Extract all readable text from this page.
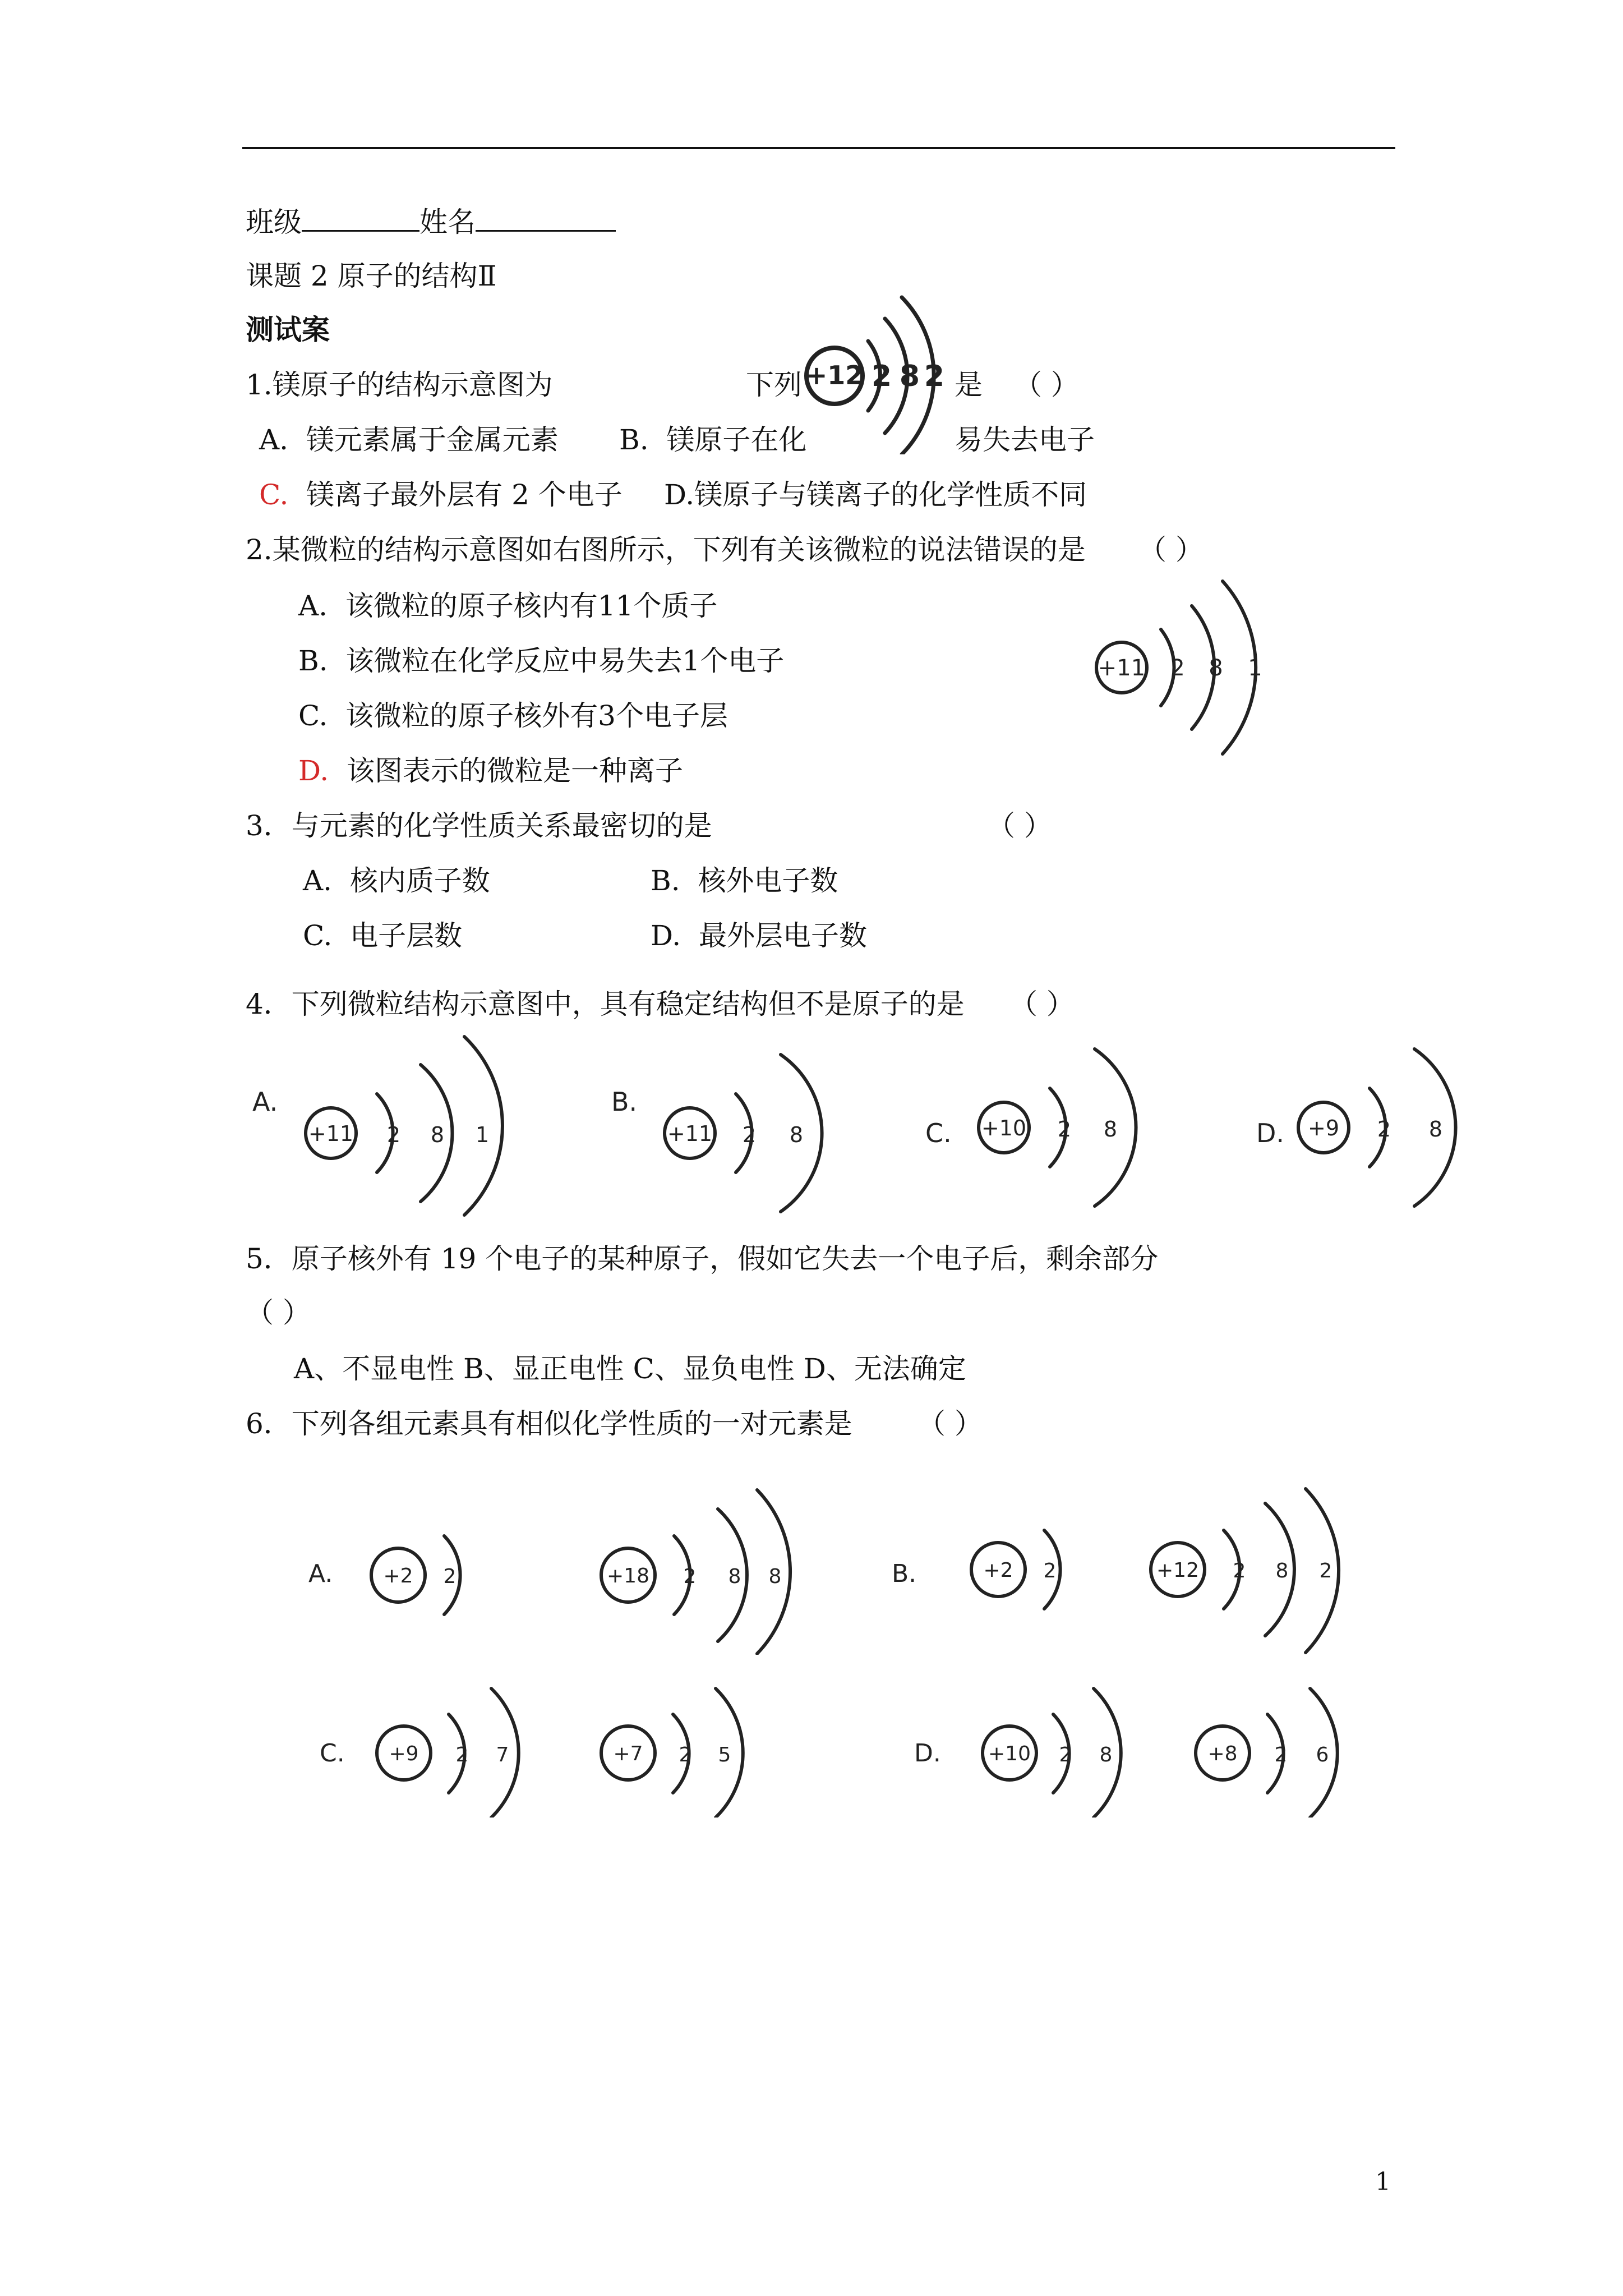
班级	姓名
课题 2 原子的结构Ⅱ
测试案
1.镁原子的结构示意图为	下列	是 （ ）
A. 镁元素属于金属元素 B. 镁原子在化	易失去电子
C. 镁离子最外层有 2 个电子 D.镁原子与镁离子的化学性质不同
+12 2 8 2
2.某微粒的结构示意图如右图所示，下列有关该微粒的说法错误的是 （ ）
A. 该微粒的原子核内有11个质子
B. 该微粒在化学反应中易失去1个电子
C. 该微粒的原子核外有3个电子层
D. 该图表示的微粒是一种离子
+11 2 8 1
3．与元素的化学性质关系最密切的是	（ ）
A. 核内质子数	B. 核外电子数
C. 电子层数	D. 最外层电子数
4．下列微粒结构示意图中，具有稳定结构但不是原子的是 （ ）
A.
+11 2 8 1
B.
+11 2 8	C. +10 2 8	D. +9 2 8
5．原子核外有 19 个电子的某种原子，假如它失去一个电子后，剩余部分
（ ）
A、不显电性 B、显正电性 C、显负电性 D、无法确定
6．下列各组元素具有相似化学性质的一对元素是 （ ）
A.	+2 2	+18 2 8 8	B.	+2 2	+12 2 8 2
C. +9 2 7	+7 2 5	D. +10 2 8	+8 2 6
1
